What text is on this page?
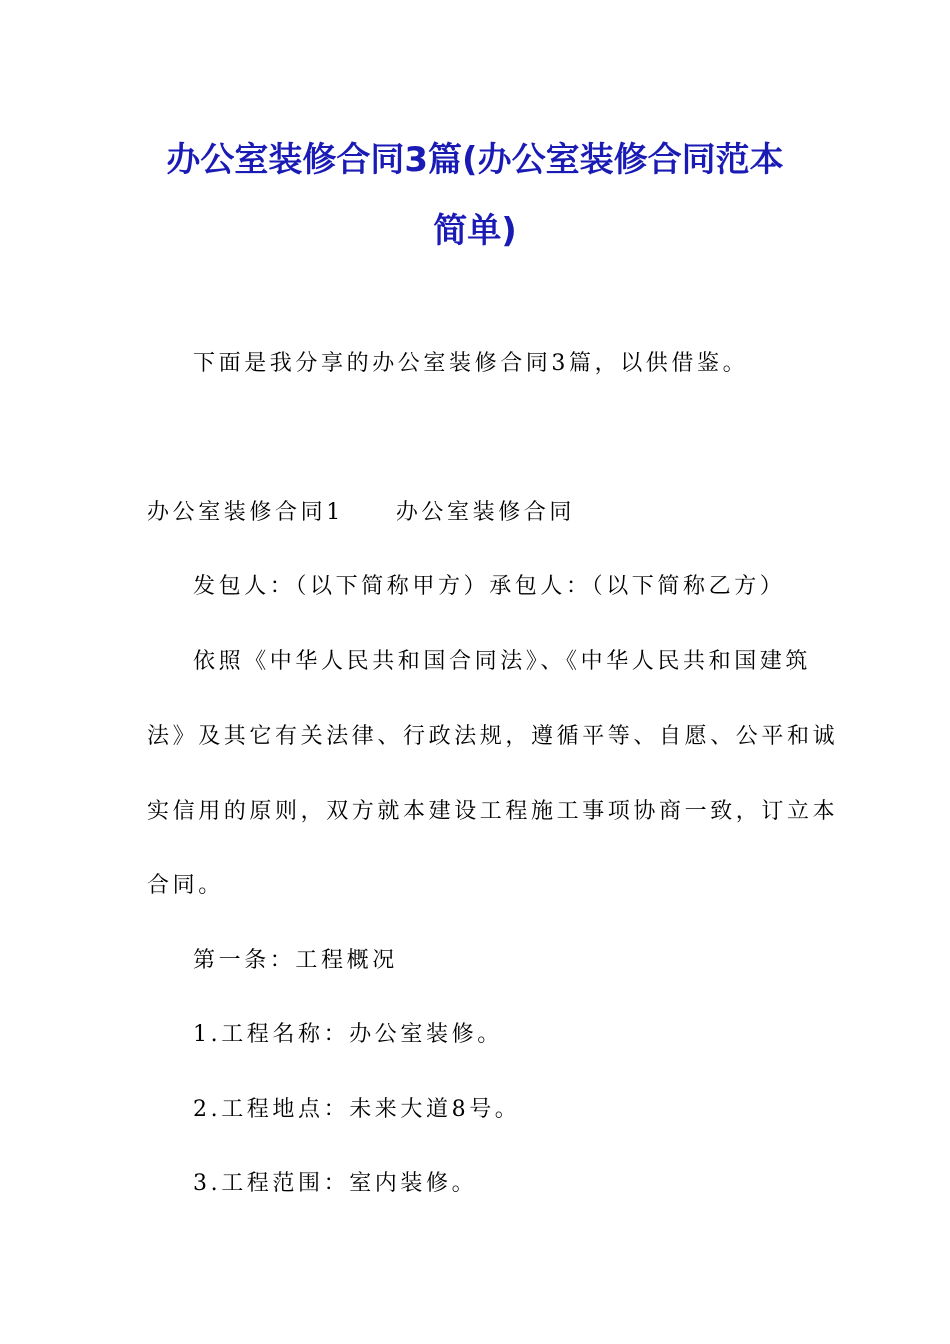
办公室装修合同3篇(办公室装修合同范本
简单)
下面是我分享的办公室装修合同3篇，以供借鉴。
办公室装修合同1 办公室装修合同
发包人：（以下简称甲方）承包人：（以下简称乙方）
依照《中华人民共和国合同法》、《中华人民共和国建筑
法》及其它有关法律、行政法规，遵循平等、自愿、公平和诚
实信用的原则，双方就本建设工程施工事项协商一致，订立本
合同。
第一条：工程概况
1.工程名称：办公室装修。
2.工程地点：未来大道8号。
3.工程范围：室内装修。
